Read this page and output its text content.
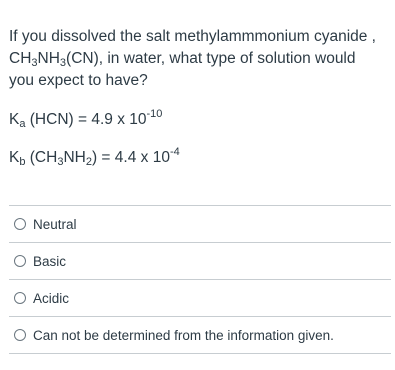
If you dissolved the salt methylammmonium cyanide ,

$CH_3NH_3(CN)$, in water, what type of solution would

you expect to have?

$K_a$ (HCN) = 4.9 x $10^{-10}$
$K_b$ $(CH_3NH_2) = 4.4$ x $10^{-4}$
Neutral
Basic
Acidic
Can not be determined from the information given.
